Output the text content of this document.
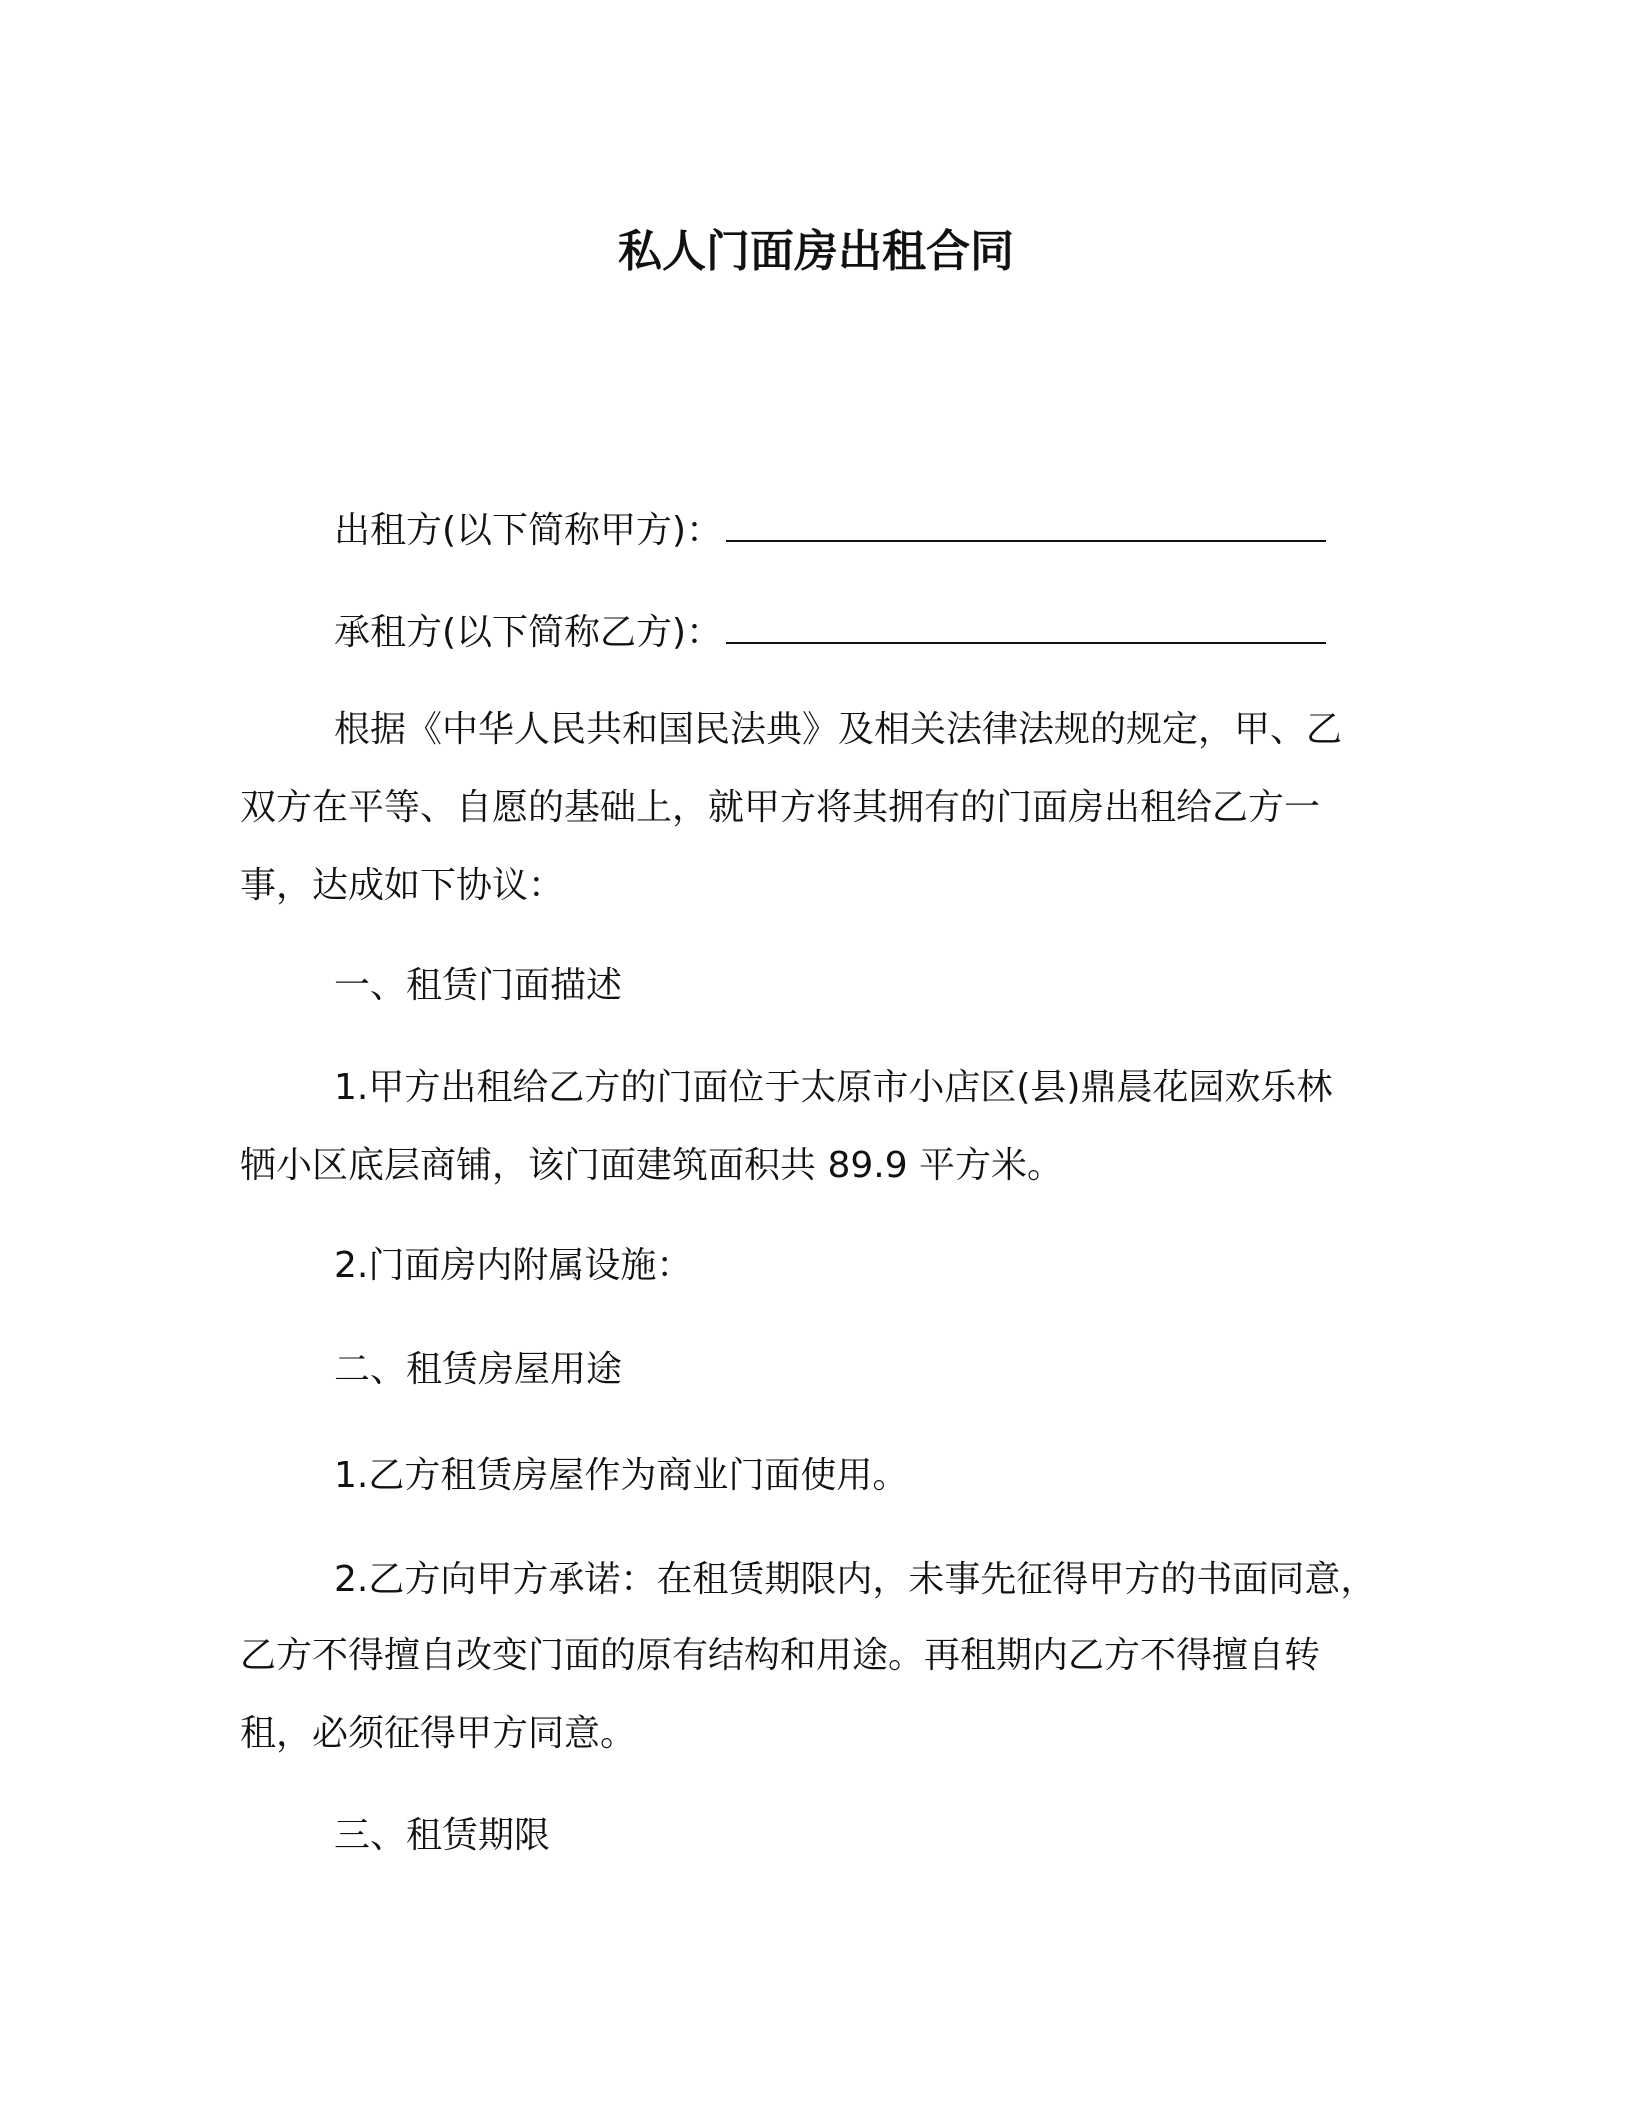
私人门面房出租合同

出租方(以下简称甲方)：

承租方(以下简称乙方)：

根据《中华人民共和国民法典》及相关法律法规的规定，甲、乙

双方在平等、自愿的基础上，就甲方将其拥有的门面房出租给乙方一

事，达成如下协议：

一、租赁门面描述

1.甲方出租给乙方的门面位于太原市小店区(县)鼎晨花园欢乐林

牺小区底层商铺，该门面建筑面积共 89.9 平方米。

2.门面房内附属设施：

二、租赁房屋用途

1.乙方租赁房屋作为商业门面使用。

2.乙方向甲方承诺：在租赁期限内，未事先征得甲方的书面同意，

乙方不得擅自改变门面的原有结构和用途。再租期内乙方不得擅自转

租，必须征得甲方同意。

三、租赁期限
